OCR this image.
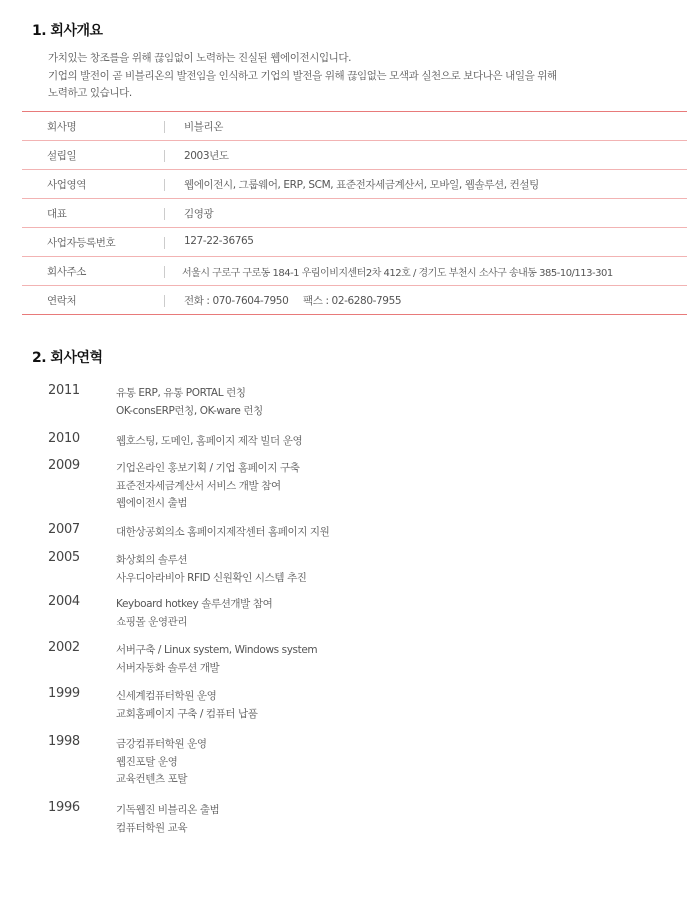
1. 회사개요
가치있는 창조를을 위해 끊임없이 노력하는 진실된 웹에이전시입니다.
기업의 발전이 곧 비블리온의 발전임을 인식하고 기업의 발전을 위해 끊임없는 모색과 실천으로 보다나은 내일을 위해
노력하고 있습니다.
회사명	비블리온
설립일	2003년도
사업영역	웹에이전시, 그룹웨어, ERP, SCM, 표준전자세금계산서, 모바일, 웹솔루션, 컨설팅
대표	김영광
사업자등록번호	127-22-36765
회사주소	서울시 구로구 구로동 184-1 우림이비지센터2차 412호 / 경기도 부천시 소사구 송내동 385-10/113-301
연락처	전화 : 070-7604-7950     팩스 : 02-6280-7955
2. 회사연혁
2011	유통 ERP, 유통 PORTAL 런칭
OK-consERP런칭, OK-ware 런칭
2010	웹호스팅, 도메인, 홈페이지 제작 빌더 운영
2009	기업온라인 홍보기획 / 기업 홈페이지 구축
표준전자세금계산서 서비스 개발 참여
웹에이전시 출범
2007	대한상공회의소 홈페이지제작센터 홈페이지 지원
2005	화상회의 솔루션
사우디아라비아 RFID 신원확인 시스템 추진
2004	Keyboard hotkey 솔루션개발 참여
쇼핑몰 운영관리
2002	서버구축 / Linux system, Windows system
서버자동화 솔루션 개발
1999	신세계컴퓨터학원 운영
교회홈페이지 구축 / 컴퓨터 납품
1998	금강컴퓨터학원 운영
웹진포탈 운영
교육컨텐츠 포탈
1996	기독웹진 비블리온 출범
컴퓨터학원 교육
